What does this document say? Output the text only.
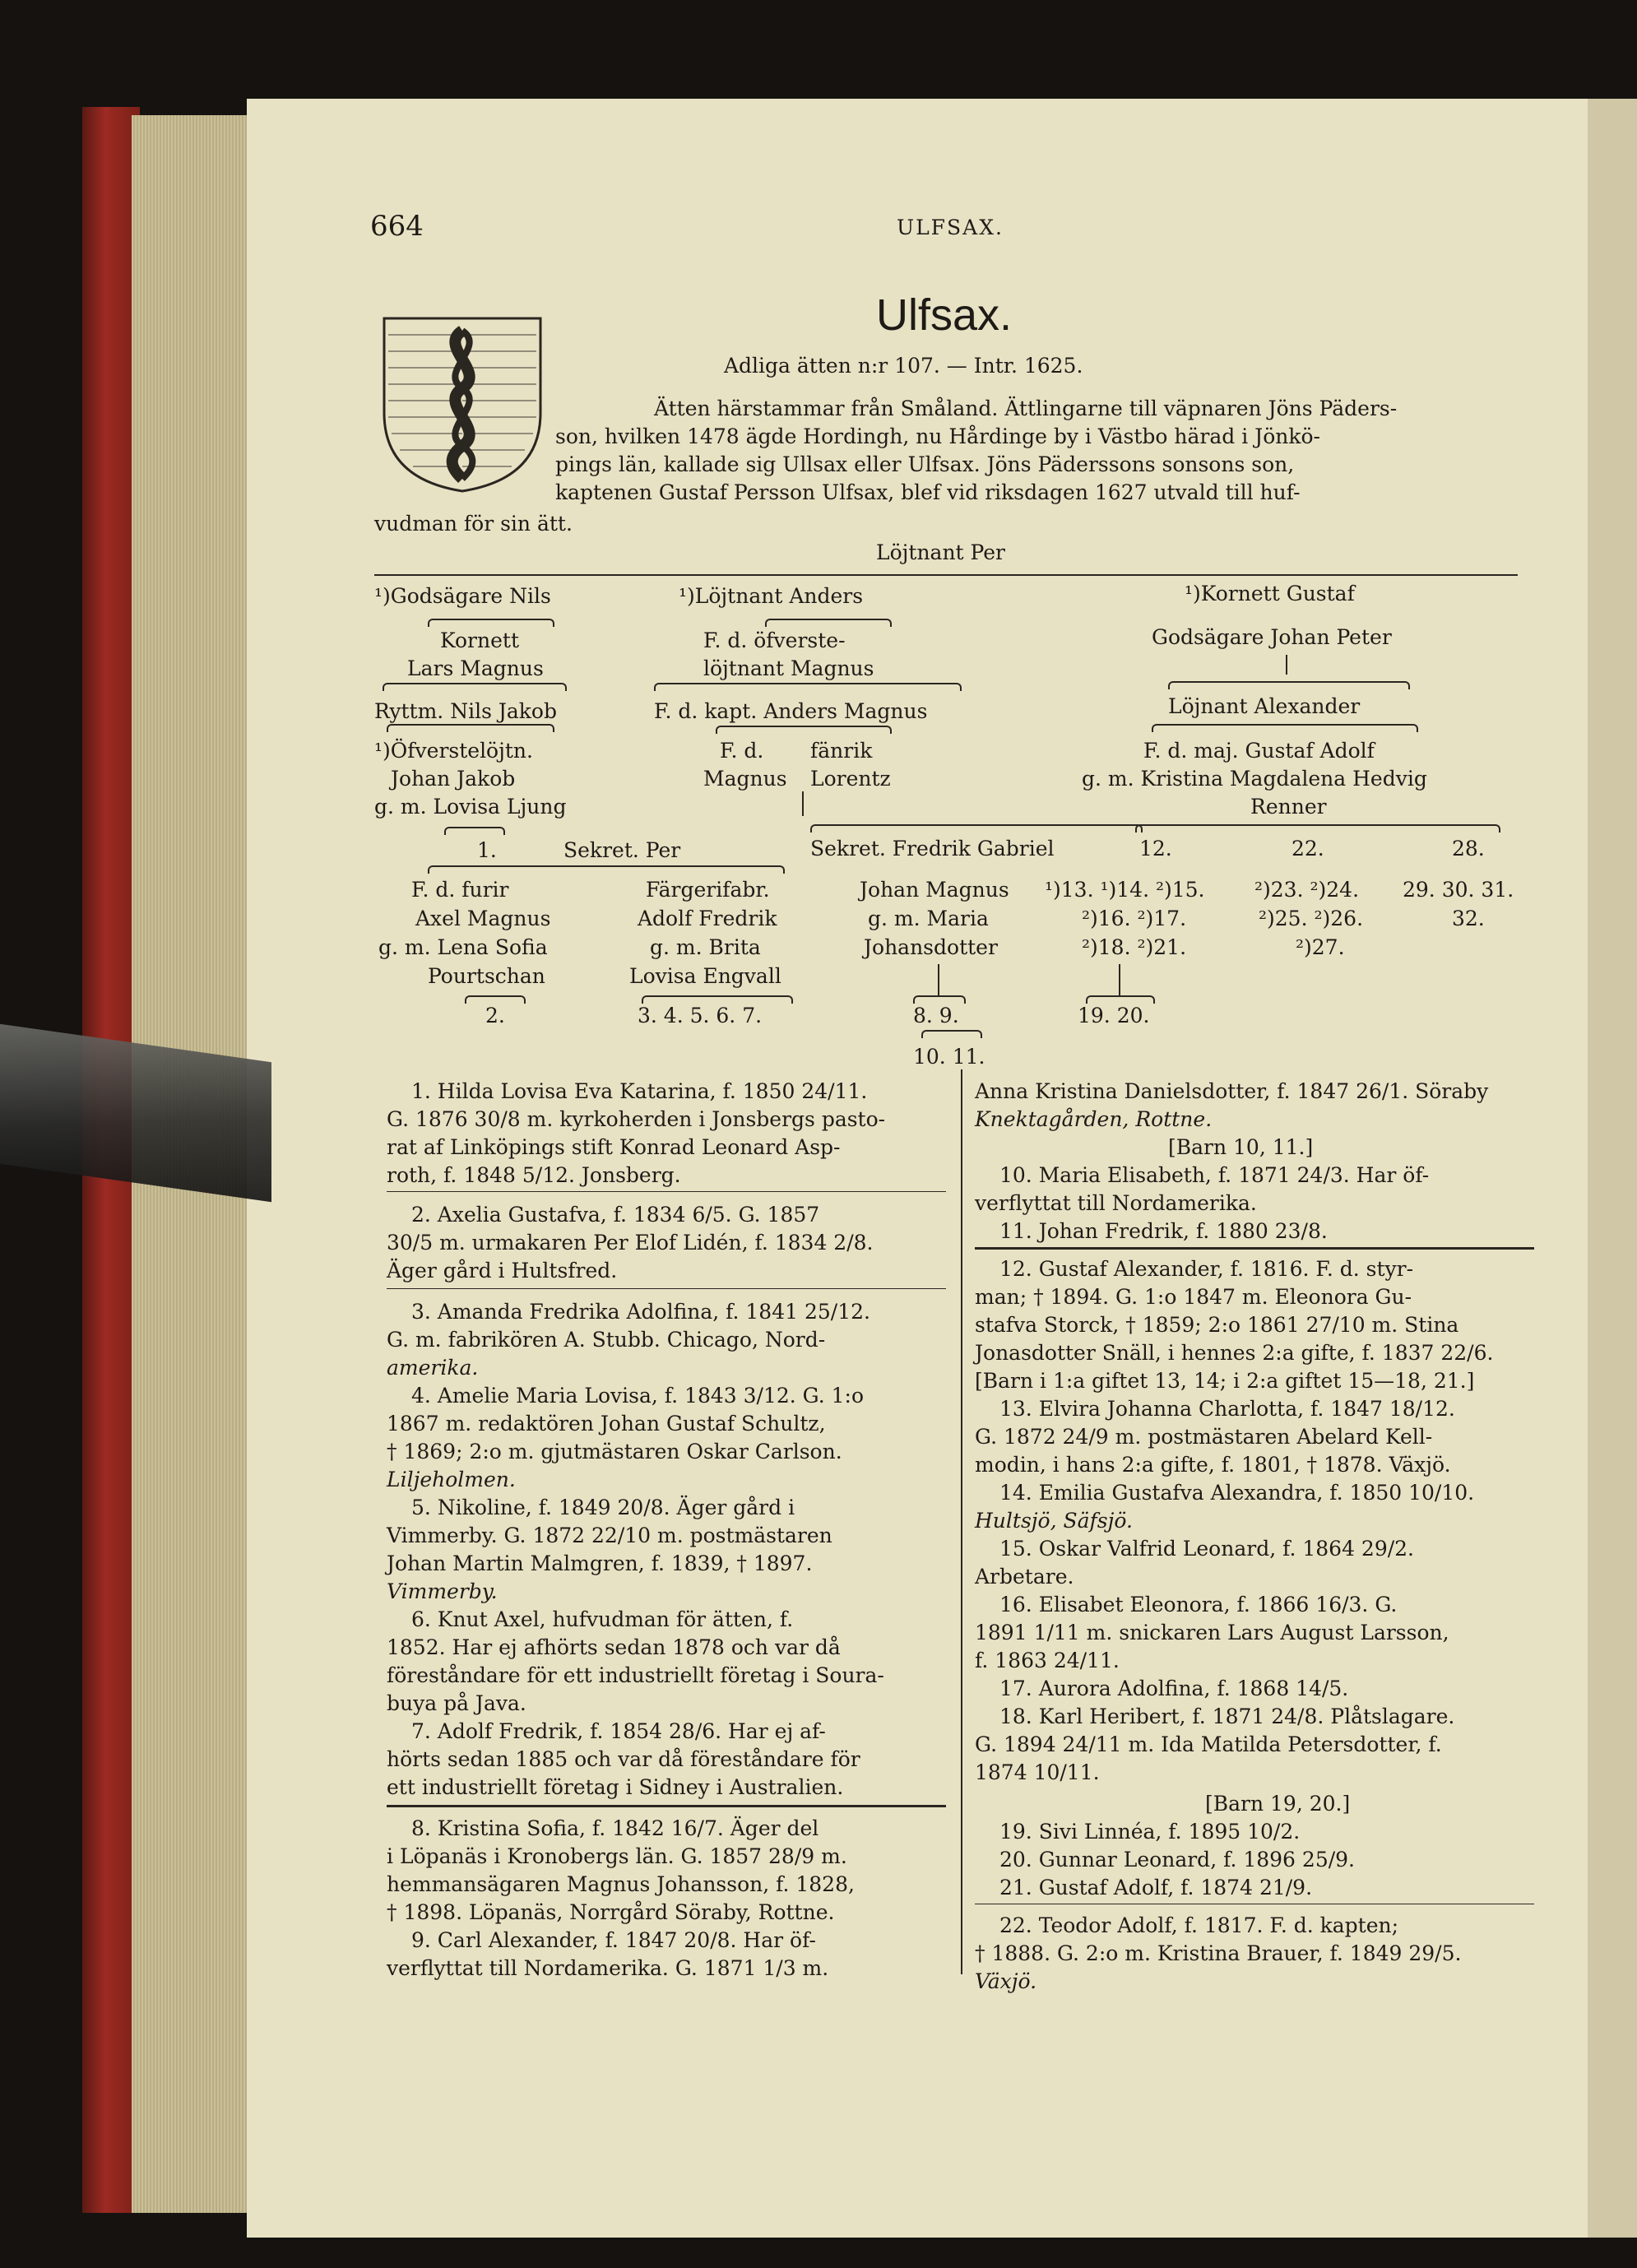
664	ULFSAX.
Ulfsax.
Adliga ätten n:r 107. — Intr. 1625.
Ätten härstammar från Småland. Ättlingarne till väpnaren Jöns Päders-
son, hvilken 1478 ägde Hordingh, nu Hårdinge by i Västbo härad i Jönkö-
pings län, kallade sig Ullsax eller Ulfsax. Jöns Päderssons sonsons son,
kaptenen Gustaf Persson Ulfsax, blef vid riksdagen 1627 utvald till huf-
vudman för sin ätt.
Löjtnant Per
¹)Godsägare Nils	¹)Löjtnant Anders	¹)Kornett Gustaf
Kornett
Lars Magnus
F. d. öfverste-
löjtnant Magnus
Godsägare Johan Peter
Ryttm. Nils Jakob	F. d. kapt. Anders Magnus	Löjnant Alexander
¹)Öfverstelöjtn.
Johan Jakob
g. m. Lovisa Ljung
F. d.
Magnus
fänrik
Lorentz
F. d. maj. Gustaf Adolf
g. m. Kristina Magdalena Hedvig
Renner
1.	Sekret. Per	Sekret. Fredrik Gabriel	12.	22.	28.
F. d. furir
Axel Magnus
g. m. Lena Sofia
Pourtschan
2.
Färgerifabr.
Adolf Fredrik
g. m. Brita
Lovisa Engvall
3. 4. 5. 6. 7.
Johan Magnus
g. m. Maria
Johansdotter
8. 9.
10. 11.
¹)13. ¹)14. ²)15.
²)16. ²)17.
²)18. ²)21.
19. 20.
²)23. ²)24.
²)25. ²)26.
²)27.
29. 30. 31.
32.
1. Hilda Lovisa Eva Katarina, f. 1850 24/11.
G. 1876 30/8 m. kyrkoherden i Jonsbergs pasto-
rat af Linköpings stift Konrad Leonard Asp-
roth, f. 1848 5/12. Jonsberg.
2. Axelia Gustafva, f. 1834 6/5. G. 1857
30/5 m. urmakaren Per Elof Lidén, f. 1834 2/8.
Äger gård i Hultsfred.
3. Amanda Fredrika Adolfina, f. 1841 25/12.
G. m. fabrikören A. Stubb. Chicago, Nord-
amerika.
4. Amelie Maria Lovisa, f. 1843 3/12. G. 1:o
1867 m. redaktören Johan Gustaf Schultz,
† 1869; 2:o m. gjutmästaren Oskar Carlson.
Liljeholmen.
5. Nikoline, f. 1849 20/8. Äger gård i
Vimmerby. G. 1872 22/10 m. postmästaren
Johan Martin Malmgren, f. 1839, † 1897.
Vimmerby.
6. Knut Axel, hufvudman för ätten, f.
1852. Har ej afhörts sedan 1878 och var då
föreståndare för ett industriellt företag i Soura-
buya på Java.
7. Adolf Fredrik, f. 1854 28/6. Har ej af-
hörts sedan 1885 och var då föreståndare för
ett industriellt företag i Sidney i Australien.
8. Kristina Sofia, f. 1842 16/7. Äger del
i Löpanäs i Kronobergs län. G. 1857 28/9 m.
hemmansägaren Magnus Johansson, f. 1828,
† 1898. Löpanäs, Norrgård Söraby, Rottne.
9. Carl Alexander, f. 1847 20/8. Har öf-
verflyttat till Nordamerika. G. 1871 1/3 m.
Anna Kristina Danielsdotter, f. 1847 26/1. Söraby
Knektagården, Rottne.
[Barn 10, 11.]
10. Maria Elisabeth, f. 1871 24/3. Har öf-
verflyttat till Nordamerika.
11. Johan Fredrik, f. 1880 23/8.
12. Gustaf Alexander, f. 1816. F. d. styr-
man; † 1894. G. 1:o 1847 m. Eleonora Gu-
stafva Storck, † 1859; 2:o 1861 27/10 m. Stina
Jonasdotter Snäll, i hennes 2:a gifte, f. 1837 22/6.
[Barn i 1:a giftet 13, 14; i 2:a giftet 15—18, 21.]
13. Elvira Johanna Charlotta, f. 1847 18/12.
G. 1872 24/9 m. postmästaren Abelard Kell-
modin, i hans 2:a gifte, f. 1801, † 1878. Växjö.
14. Emilia Gustafva Alexandra, f. 1850 10/10.
Hultsjö, Säfsjö.
15. Oskar Valfrid Leonard, f. 1864 29/2.
Arbetare.
16. Elisabet Eleonora, f. 1866 16/3. G.
1891 1/11 m. snickaren Lars August Larsson,
f. 1863 24/11.
17. Aurora Adolfina, f. 1868 14/5.
18. Karl Heribert, f. 1871 24/8. Plåtslagare.
G. 1894 24/11 m. Ida Matilda Petersdotter, f.
1874 10/11.
[Barn 19, 20.]
19. Sivi Linnéa, f. 1895 10/2.
20. Gunnar Leonard, f. 1896 25/9.
21. Gustaf Adolf, f. 1874 21/9.
22. Teodor Adolf, f. 1817. F. d. kapten;
† 1888. G. 2:o m. Kristina Brauer, f. 1849 29/5.
Växjö.
